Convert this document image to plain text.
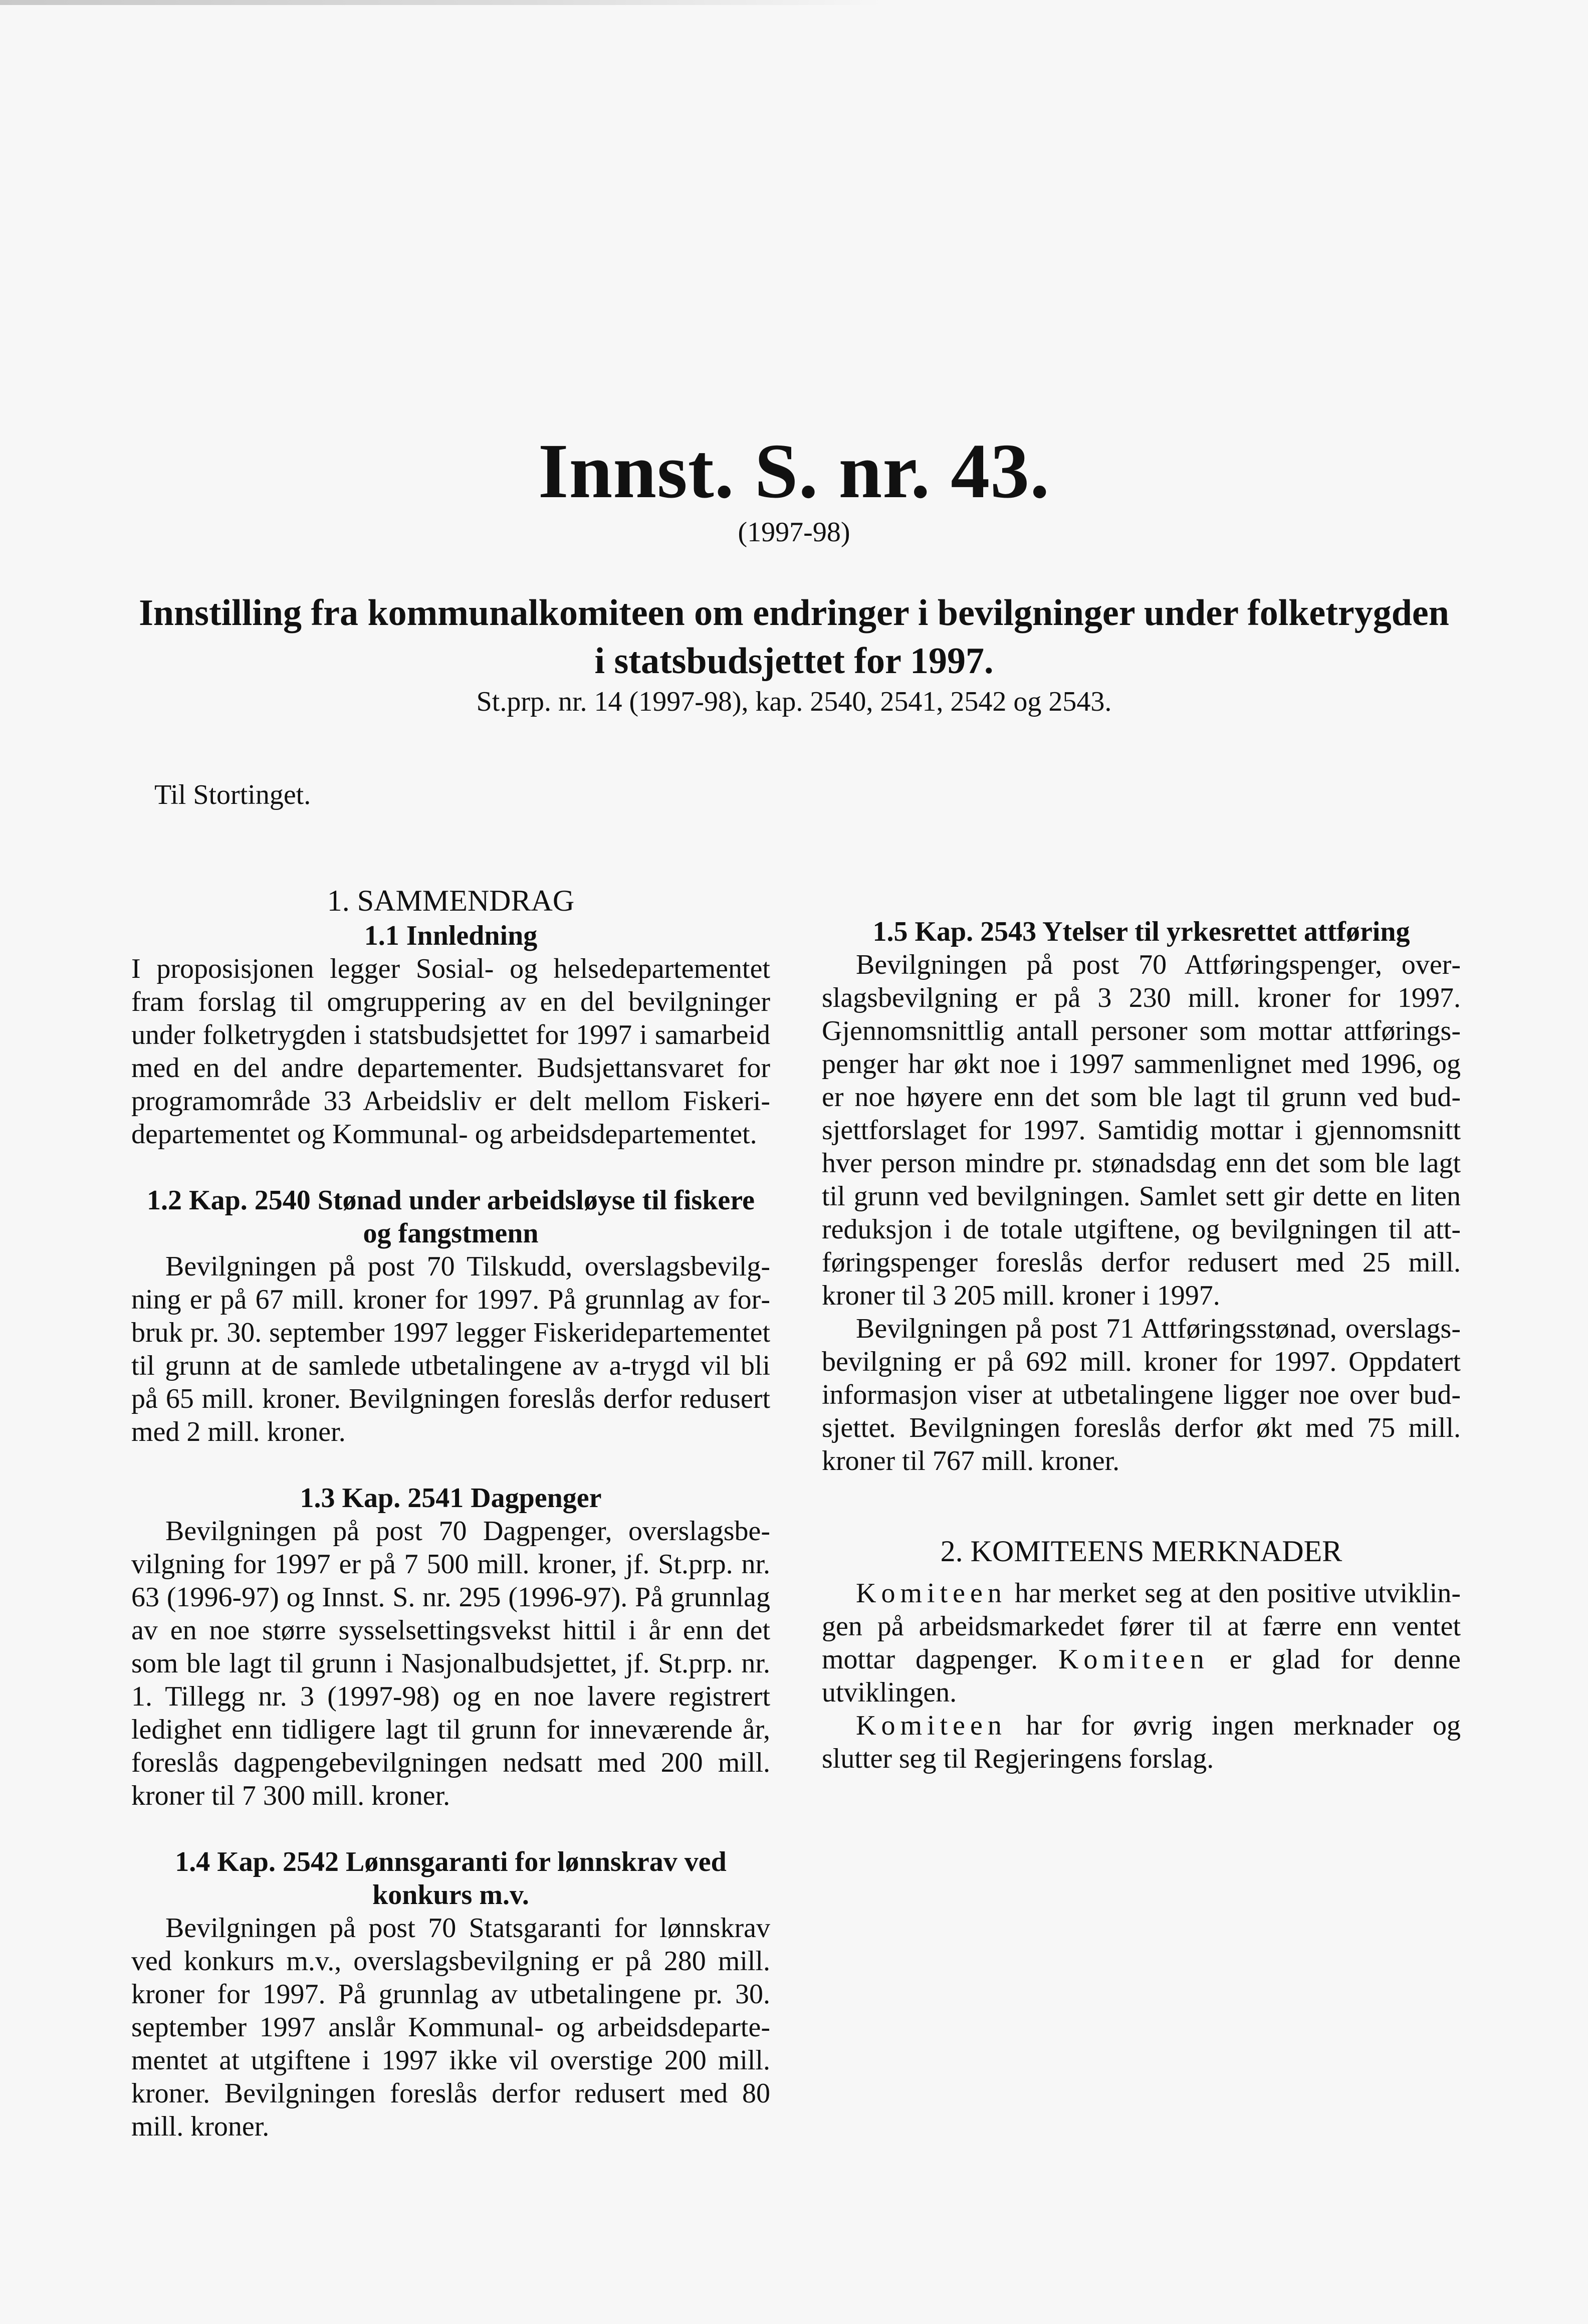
Innst. S. nr. 43.
(1997-98)
Innstilling fra kommunalkomiteen om endringer i bevilgninger under folketrygden
i statsbudsjettet for 1997.
St.prp. nr. 14 (1997-98), kap. 2540, 2541, 2542 og 2543.
Til Stortinget.
1. SAMMENDRAG
1.1 Innledning

I proposisjonen legger Sosial- og helsedepartementet fram forslag til omgruppering av en del bevilgninger under folketrygden i statsbudsjettet for 1997 i samarbeid med en del andre departementer. Budsjettansvaret for programområde 33 Arbeidsliv er delt mellom Fiskeridepartementet og Kommunal- og arbeidsdepartementet.

1.2 Kap. 2540 Stønad under arbeidsløyse til fiskere og fangstmenn

Bevilgningen på post 70 Tilskudd, overslagsbevilgning er på 67 mill. kroner for 1997. På grunnlag av forbruk pr. 30. september 1997 legger Fiskeridepartementet til grunn at de samlede utbetalingene av a-trygd vil bli på 65 mill. kroner. Bevilgningen foreslås derfor redusert med 2 mill. kroner.

1.3 Kap. 2541 Dagpenger

Bevilgningen på post 70 Dagpenger, overslagsbevilgning for 1997 er på 7 500 mill. kroner, jf. St.prp. nr. 63 (1996-97) og Innst. S. nr. 295 (1996-97). På grunnlag av en noe større sysselsettingsvekst hittil i år enn det som ble lagt til grunn i Nasjonalbudsjettet, jf. St.prp. nr. 1. Tillegg nr. 3 (1997-98) og en noe lavere registrert ledighet enn tidligere lagt til grunn for inneværende år, foreslås dagpengebevilgningen nedsatt med 200 mill. kroner til 7 300 mill. kroner.

1.4 Kap. 2542 Lønnsgaranti for lønnskrav ved konkurs m.v.

Bevilgningen på post 70 Statsgaranti for lønnskrav ved konkurs m.v., overslagsbevilgning er på 280 mill. kroner for 1997. På grunnlag av utbetalingene pr. 30. september 1997 anslår Kommunal- og arbeidsdepartementet at utgiftene i 1997 ikke vil overstige 200 mill. kroner. Bevilgningen foreslås derfor redusert med 80 mill. kroner.

1.5 Kap. 2543 Ytelser til yrkesrettet attføring

Bevilgningen på post 70 Attføringspenger, overslagsbevilgning er på 3 230 mill. kroner for 1997. Gjennomsnittlig antall personer som mottar attføringspenger har økt noe i 1997 sammenlignet med 1996, og er noe høyere enn det som ble lagt til grunn ved budsjettforslaget for 1997. Samtidig mottar i gjennomsnitt hver person mindre pr. stønadsdag enn det som ble lagt til grunn ved bevilgningen. Samlet sett gir dette en liten reduksjon i de totale utgiftene, og bevilgningen til attføringspenger foreslås derfor redusert med 25 mill. kroner til 3 205 mill. kroner i 1997.

Bevilgningen på post 71 Attføringsstønad, overslagsbevilgning er på 692 mill. kroner for 1997. Oppdatert informasjon viser at utbetalingene ligger noe over budsjettet. Bevilgningen foreslås derfor økt med 75 mill. kroner til 767 mill. kroner.

2. KOMITEENS MERKNADER

Komiteen har merket seg at den positive utviklingen på arbeidsmarkedet fører til at færre enn ventet mottar dagpenger. Komiteen er glad for denne utviklingen.

Komiteen har for øvrig ingen merknader og slutter seg til Regjeringens forslag.
